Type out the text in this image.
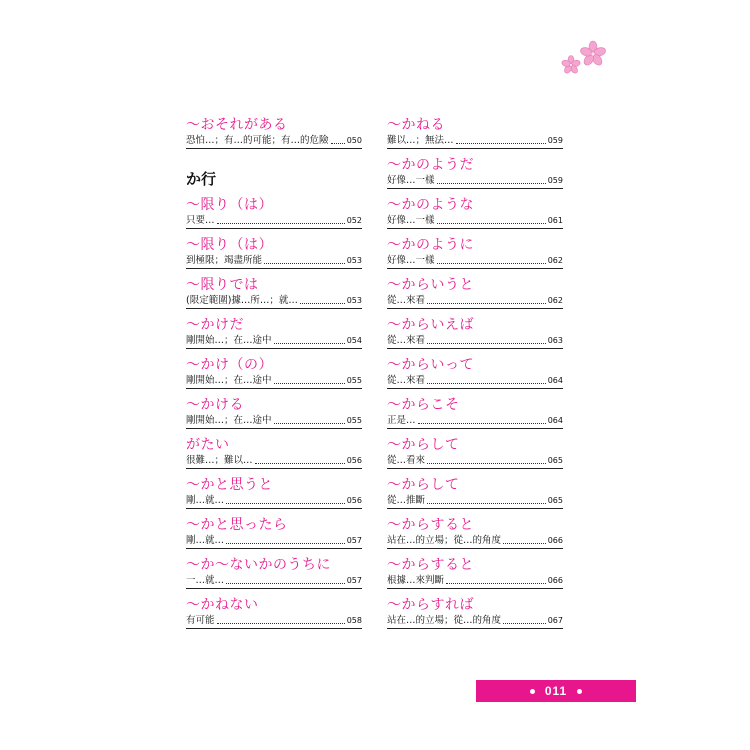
〜おそれがある
恐怕…；有…的可能；有…的危險 050
か行
〜限り（は）
只要…	052
〜限り（は）
到極限；竭盡所能	053
〜限りでは
(限定範圍)據…所…；就…	053
〜かけだ
剛開始…；在…途中	054
〜かけ（の）
剛開始…；在…途中	055
〜かける
剛開始…；在…途中	055
がたい
很難…；難以…	056
〜かと思うと
剛…就…	056
〜かと思ったら
剛…就…	057
〜か〜ないかのうちに
一…就…	057
〜かねない
有可能	058
〜かねる
難以…；無法…	059
〜かのようだ
好像…一樣	059
〜かのような
好像…一樣	061
〜かのように
好像…一樣	062
〜からいうと
從…來看	062
〜からいえば
從…來看	063
〜からいって
從…來看	064
〜からこそ
正是…	064
〜からして
從…看來	065
〜からして
從…推斷	065
〜からすると
站在…的立場；從…的角度	066
〜からすると
根據…來判斷	066
〜からすれば
站在…的立場；從…的角度	067
011
